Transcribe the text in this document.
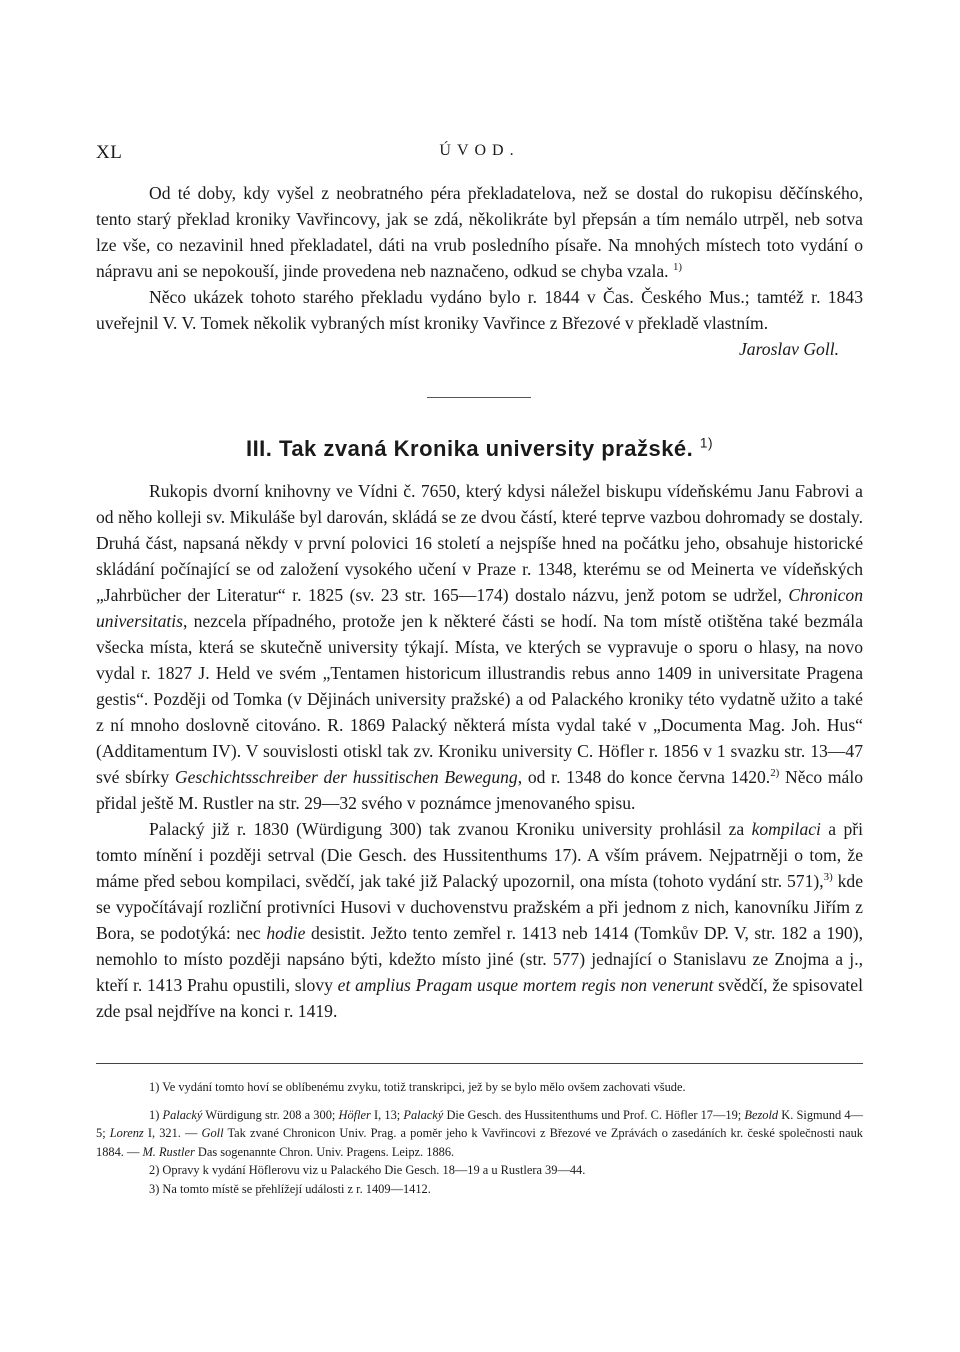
XL	ÚVOD.

Od té doby, kdy vyšel z neobratného péra překladatelova, než se dostal do rukopisu děčínského, tento starý překlad kroniky Vavřincovy, jak se zdá, několikráte byl přepsán a tím nemálo utrpěl, neb sotva lze vše, co nezavinil hned překladatel, dáti na vrub posledního písaře. Na mnohých místech toto vydání o nápravu ani se nepokouší, jinde provedena neb naznačeno, odkud se chyba vzala. $^{1)}$

Něco ukázek tohoto starého překladu vydáno bylo r. 1844 v Čas. Českého Mus.; tamtéž r. 1843 uveřejnil V. V. Tomek několik vybraných míst kroniky Vavřince z Březové v překladě vlastním.

Jaroslav Goll.

III. Tak zvaná Kronika university pražské. $^{1)}$

Rukopis dvorní knihovny ve Vídni č. 7650, který kdysi náležel biskupu vídeňskému Janu Fabrovi a od něho kolleji sv. Mikuláše byl darován, skládá se ze dvou částí, které teprve vazbou dohromady se dostaly. Druhá část, napsaná někdy v první polovici 16 století a nejspíše hned na počátku jeho, obsahuje historické skládání počínající se od založení vysokého učení v Praze r. 1348, kterému se od Meinerta ve vídeňských „Jahrbücher der Literatur“ r. 1825 (sv. 23 str. 165—174) dostalo názvu, jenž potom se udržel, Chronicon universitatis, nezcela případného, protože jen k některé části se hodí. Na tom místě otištěna také bezmála všecka místa, která se skutečně university týkají. Místa, ve kterých se vypravuje o sporu o hlasy, na novo vydal r. 1827 J. Held ve svém „Tentamen historicum illustrandis rebus anno 1409 in universitate Pragena gestis“. Později od Tomka (v Dějinách university pražské) a od Palackého kroniky této vydatně užito a také z ní mnoho doslovně citováno. R. 1869 Palacký některá místa vydal také v „Documenta Mag. Joh. Hus“ (Additamentum IV). V souvislosti otiskl tak zv. Kroniku university C. Höfler r. 1856 v 1 svazku str. 13—47 své sbírky Geschichtsschreiber der hussitischen Bewegung, od r. 1348 do konce června 1420.$^{2)}$ Něco málo přidal ještě M. Rustler na str. 29—32 svého v poznámce jmenovaného spisu.

Palacký již r. 1830 (Würdigung 300) tak zvanou Kroniku university prohlásil za kompilaci a při tomto mínění i později setrval (Die Gesch. des Hussitenthums 17). A vším právem. Nejpatrněji o tom, že máme před sebou kompilaci, svědčí, jak také již Palacký upozornil, ona místa (tohoto vydání str. 571),$^{3)}$ kde se vypočítávají rozliční protivníci Husovi v duchovenstvu pražském a při jednom z nich, kanovníku Jiřím z Bora, se podotýká: nec hodie desistit. Ježto tento zemřel r. 1413 neb 1414 (Tomkův DP. V, str. 182 a 190), nemohlo to místo později napsáno býti, kdežto místo jiné (str. 577) jednající o Stanislavu ze Znojma a j., kteří r. 1413 Prahu opustili, slovy et amplius Pragam usque mortem regis non venerunt svědčí, že spisovatel zde psal nejdříve na konci r. 1419.

1) Ve vydání tomto hoví se oblíbenému zvyku, totiž transkripci, jež by se bylo mělo ovšem zachovati všude.

1) Palacký Würdigung str. 208 a 300; Höfler I, 13; Palacký Die Gesch. des Hussitenthums und Prof. C. Höfler 17—19; Bezold K. Sigmund 4—5; Lorenz I, 321. — Goll Tak zvané Chronicon Univ. Prag. a poměr jeho k Vavřincovi z Březové ve Zprávách o zasedáních kr. české společnosti nauk 1884. — M. Rustler Das sogenannte Chron. Univ. Pragens. Leipz. 1886.

2) Opravy k vydání Höflerovu viz u Palackého Die Gesch. 18—19 a u Rustlera 39—44.

3) Na tomto místě se přehlížejí události z r. 1409—1412.
